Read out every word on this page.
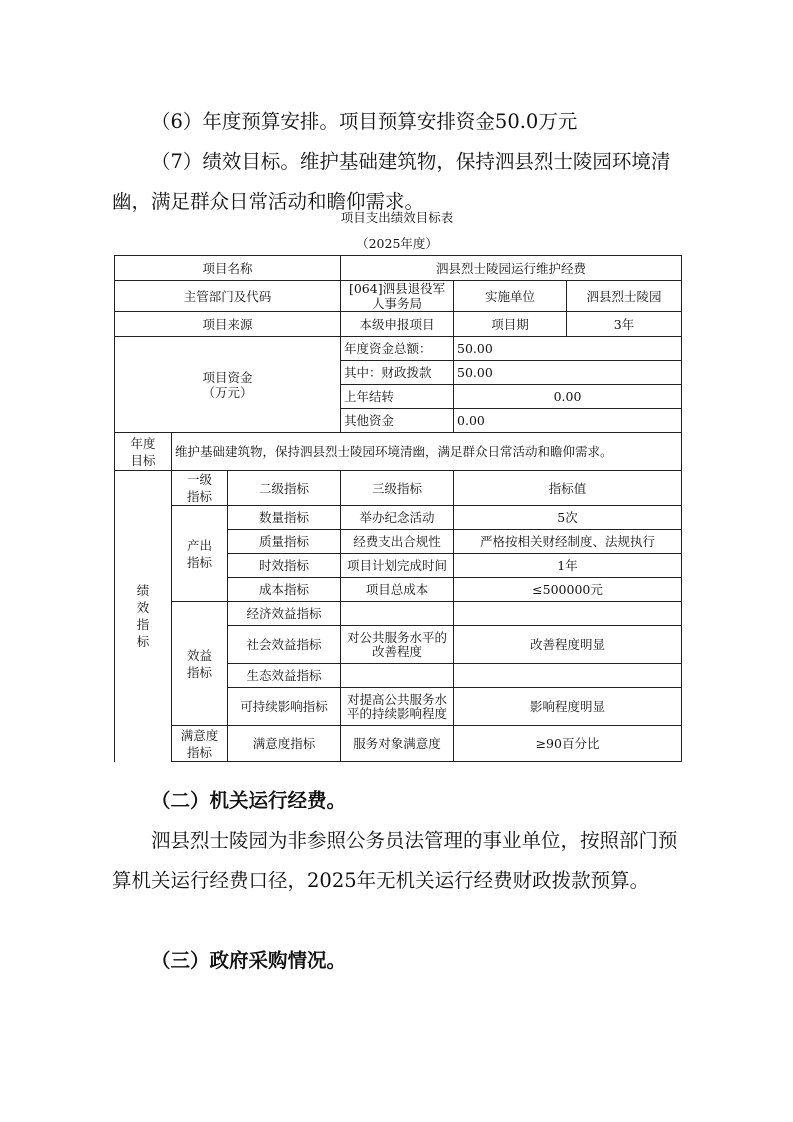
（6）年度预算安排。项目预算安排资金50.0万元

（7）绩效目标。维护基础建筑物，保持泗县烈士陵园环境清幽，满足群众日常活动和瞻仰需求。

项目支出绩效目标表

（2025年度）

项目名称			泗县烈士陵园运行维护经费		
主管部门及代码			[064]泗县退役军人事务局	实施单位	泗县烈士陵园
项目来源			本级申报项目	项目期	3年

项目资金
（万元）			年度资金总额：	50.00	
			其中：财政拨款	50.00	
			上年结转	0.00	
			其他资金	0.00	
年度目标	维护基础建筑物，保持泗县烈士陵园环境清幽，满足群众日常活动和瞻仰需求。				
绩效指标	一级指标	二级指标	三级指标	指标值	
	产出指标	数量指标	举办纪念活动	5次	
		质量指标	经费支出合规性	严格按相关财经制度、法规执行	
		时效指标	项目计划完成时间	1年	
		成本指标	项目总成本	≤500000元	
	效益指标	经济效益指标			
		社会效益指标	对公共服务水平的改善程度	改善程度明显	
		生态效益指标			
		可持续影响指标	对提高公共服务水平的持续影响程度	影响程度明显	
	满意度指标	满意度指标	服务对象满意度	≥90百分比	

（二）机关运行经费。

泗县烈士陵园为非参照公务员法管理的事业单位，按照部门预算机关运行经费口径，2025年无机关运行经费财政拨款预算。

（三）政府采购情况。
